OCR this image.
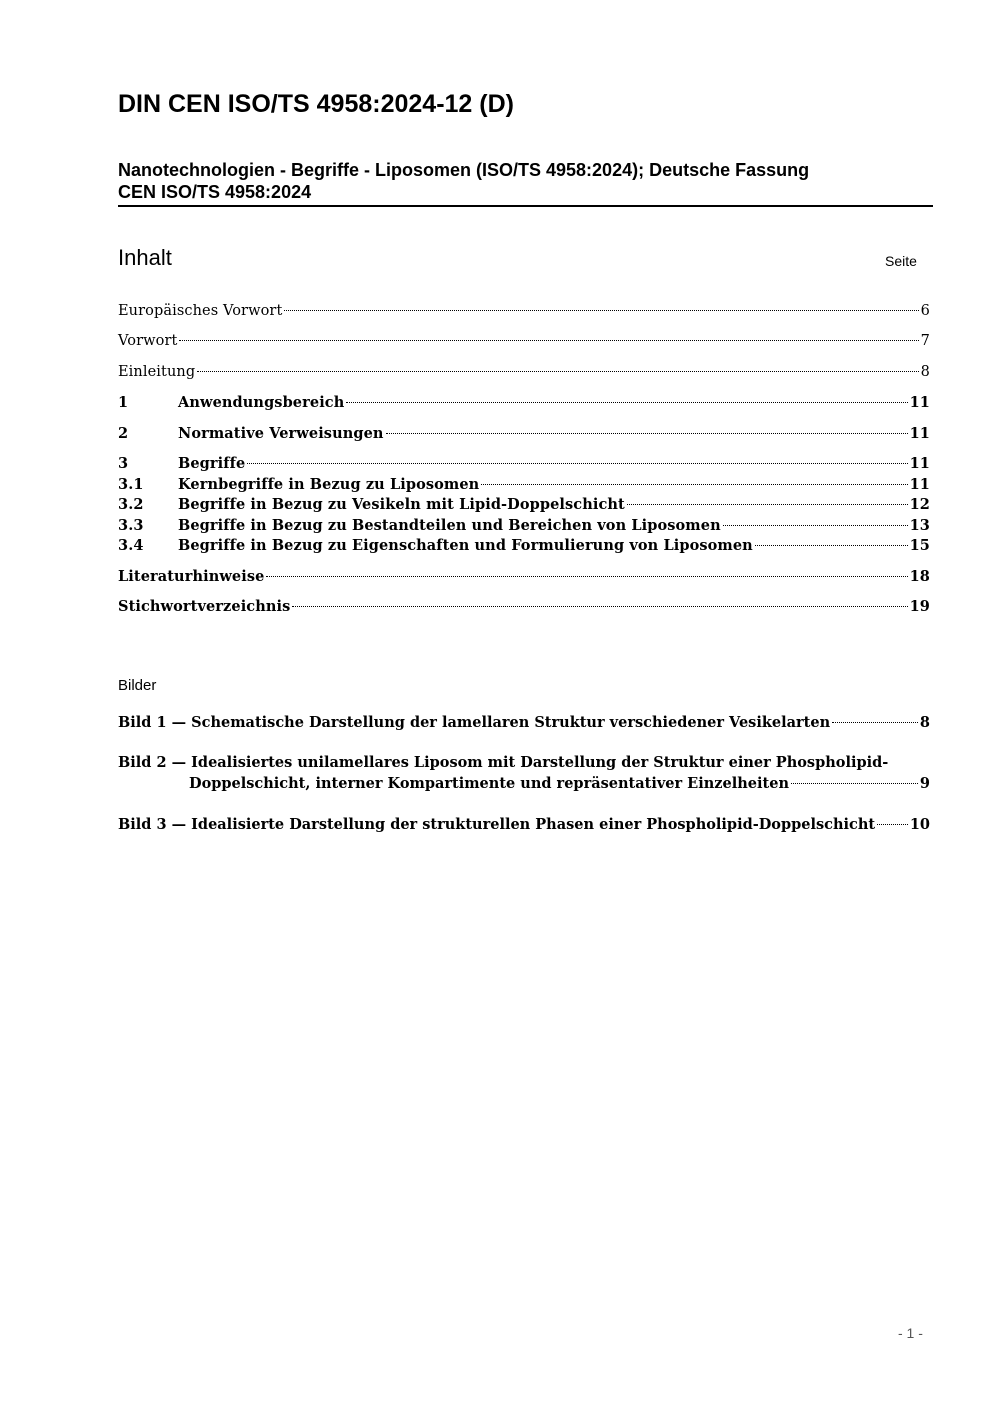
DIN CEN ISO/TS 4958:2024-12 (D)
Nanotechnologien - Begriffe - Liposomen (ISO/TS 4958:2024); Deutsche Fassung
CEN ISO/TS 4958:2024
Inhalt	Seite
Europäisches Vorwort	6
Vorwort	7
Einleitung	8
1	Anwendungsbereich	11
2	Normative Verweisungen	11
3	Begriffe	11
3.1	Kernbegriffe in Bezug zu Liposomen	11
3.2	Begriffe in Bezug zu Vesikeln mit Lipid-Doppelschicht	12
3.3	Begriffe in Bezug zu Bestandteilen und Bereichen von Liposomen	13
3.4	Begriffe in Bezug zu Eigenschaften und Formulierung von Liposomen	15
Literaturhinweise	18
Stichwortverzeichnis	19
Bilder
Bild 1 — Schematische Darstellung der lamellaren Struktur verschiedener Vesikelarten	8
Bild 2 — Idealisiertes unilamellares Liposom mit Darstellung der Struktur einer Phospholipid-
Doppelschicht, interner Kompartimente und repräsentativer Einzelheiten	9
Bild 3 — Idealisierte Darstellung der strukturellen Phasen einer Phospholipid-Doppelschicht 10
- 1 -
